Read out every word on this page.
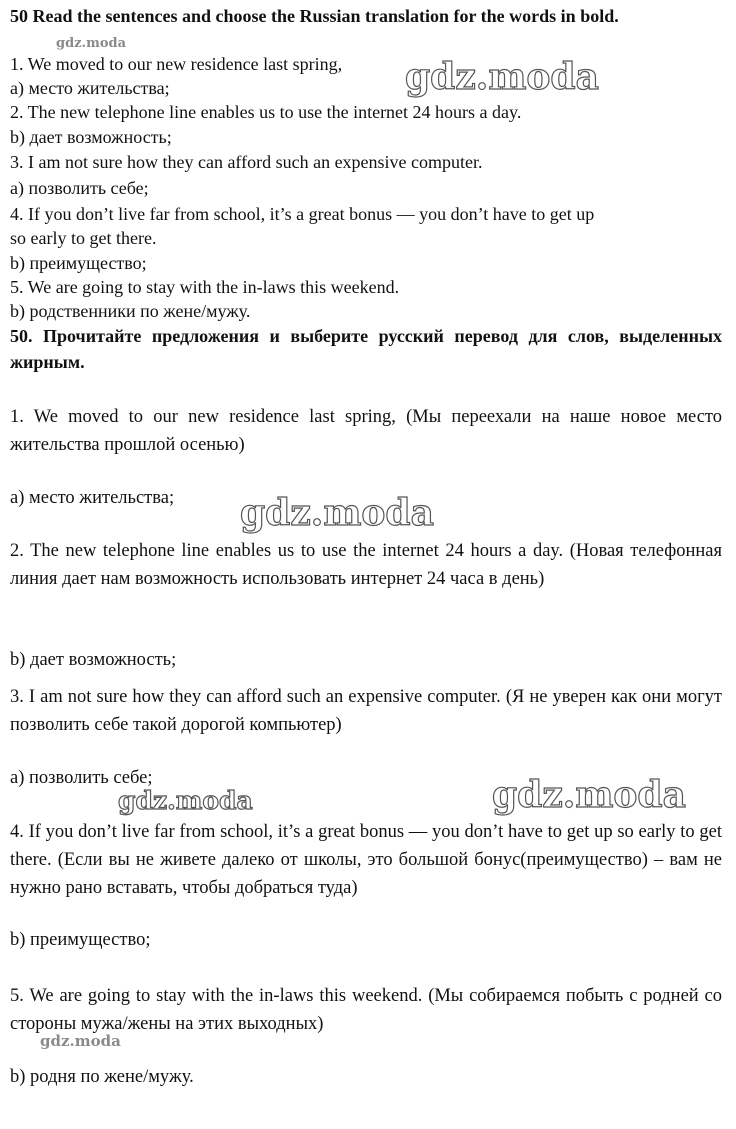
50 Read the sentences and choose the Russian translation for the words in bold.
1. We moved to our new residence last spring,
a) место жительства;
2. The new telephone line enables us to use the internet 24 hours a day.
b) дает возможность;
3. I am not sure how they can afford such an expensive computer.
a) позволить себе;
4. If you don’t live far from school, it’s a great bonus — you don’t have to get up
so early to get there.
b) преимущество;
5. We are going to stay with the in-laws this weekend.
b) родственники по жене/мужу.
50. Прочитайте предложения и выберите русский перевод для слов, выделенных жирным.
1. We moved to our new residence last spring, (Мы переехали на наше новое место жительства прошлой осенью)
a) место жительства;
2. The new telephone line enables us to use the internet 24 hours a day. (Новая телефонная линия дает нам возможность использовать интернет 24 часа в день)
b) дает возможность;
3. I am not sure how they can afford such an expensive computer. (Я не уверен как они могут позволить себе такой дорогой компьютер)
a) позволить себе;
4. If you don’t live far from school, it’s a great bonus — you don’t have to get up so early to get there. (Если вы не живете далеко от школы, это большой бонус(преимущество) – вам не нужно рано вставать, чтобы добраться туда)
b) преимущество;
5. We are going to stay with the in-laws this weekend. (Мы собираемся побыть с родней со стороны мужа/жены на этих выходных)
b) родня по жене/мужу.
gdz.moda
gdz.moda
gdz.moda
gdz.moda	gdz.moda
gdz.moda
